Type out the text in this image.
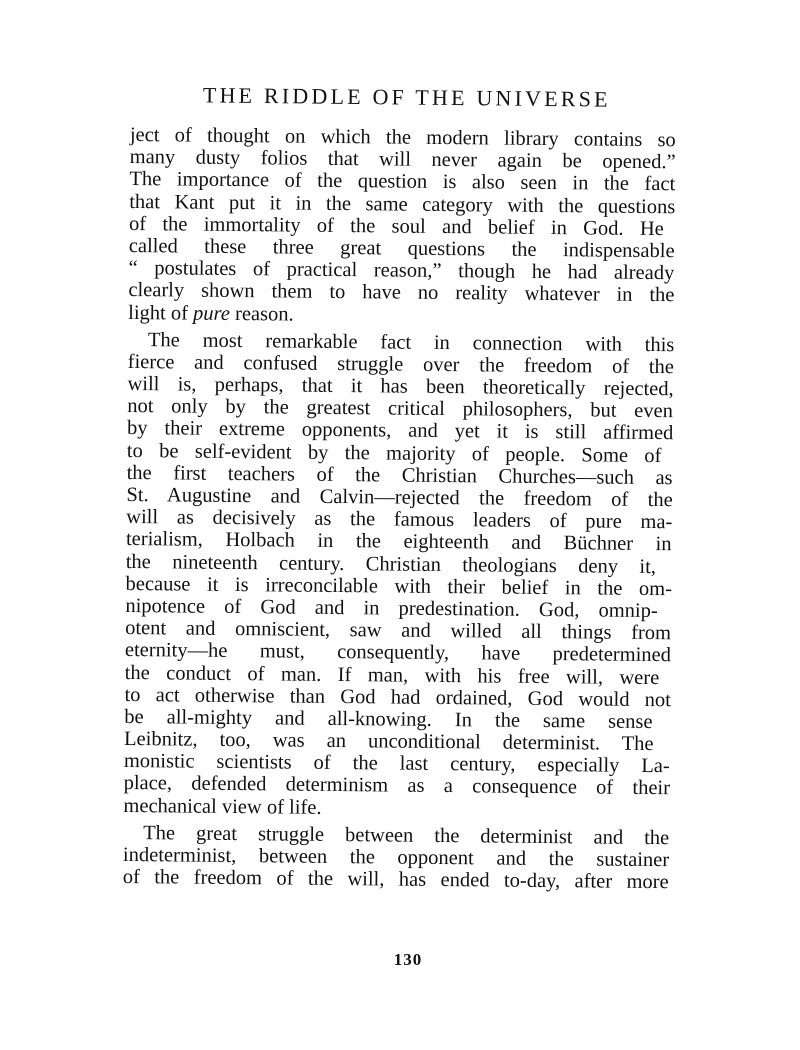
THE RIDDLE OF THE UNIVERSE
ject of thought on which the modern library contains so
many dusty folios that will never again be opened.”
The importance of the question is also seen in the fact
that Kant put it in the same category with the questions
of the immortality of the soul and belief in God. He
called these three great questions the indispensable
“ postulates of practical reason,” though he had already
clearly shown them to have no reality whatever in the
light of pure reason.
The most remarkable fact in connection with this
fierce and confused struggle over the freedom of the
will is, perhaps, that it has been theoretically rejected,
not only by the greatest critical philosophers, but even
by their extreme opponents, and yet it is still affirmed
to be self-evident by the majority of people. Some of
the first teachers of the Christian Churches—such as
St. Augustine and Calvin—rejected the freedom of the
will as decisively as the famous leaders of pure ma-
terialism, Holbach in the eighteenth and Büchner in
the nineteenth century. Christian theologians deny it,
because it is irreconcilable with their belief in the om-
nipotence of God and in predestination. God, omnip-
otent and omniscient, saw and willed all things from
eternity—he must, consequently, have predetermined
the conduct of man. If man, with his free will, were
to act otherwise than God had ordained, God would not
be all-mighty and all-knowing. In the same sense
Leibnitz, too, was an unconditional determinist. The
monistic scientists of the last century, especially La-
place, defended determinism as a consequence of their
mechanical view of life.
The great struggle between the determinist and the
indeterminist, between the opponent and the sustainer
of the freedom of the will, has ended to-day, after more
130
